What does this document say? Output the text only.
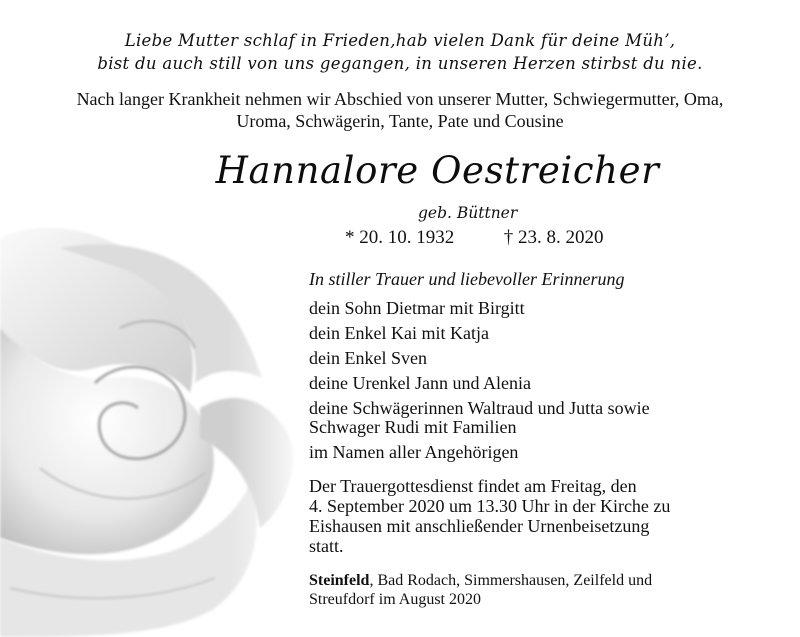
Liebe Mutter schlaf in Frieden,hab vielen Dank für deine Müh’,
bist du auch still von uns gegangen, in unseren Herzen stirbst du nie.
Nach langer Krankheit nehmen wir Abschied von unserer Mutter, Schwiegermutter, Oma,
Uroma, Schwägerin, Tante, Pate und Cousine
Hannalore Oestreicher
geb. Büttner
* 20. 10. 1932	† 23. 8. 2020
In stiller Trauer und liebevoller Erinnerung
dein Sohn Dietmar mit Birgitt
dein Enkel Kai mit Katja
dein Enkel Sven
deine Urenkel Jann und Alenia
deine Schwägerinnen Waltraud und Jutta sowie
Schwager Rudi mit Familien
im Namen aller Angehörigen
Der Trauergottesdienst findet am Freitag, den
4. September 2020 um 13.30 Uhr in der Kirche zu
Eishausen mit anschließender Urnenbeisetzung
statt.
Steinfeld, Bad Rodach, Simmershausen, Zeilfeld und
Streufdorf im August 2020
